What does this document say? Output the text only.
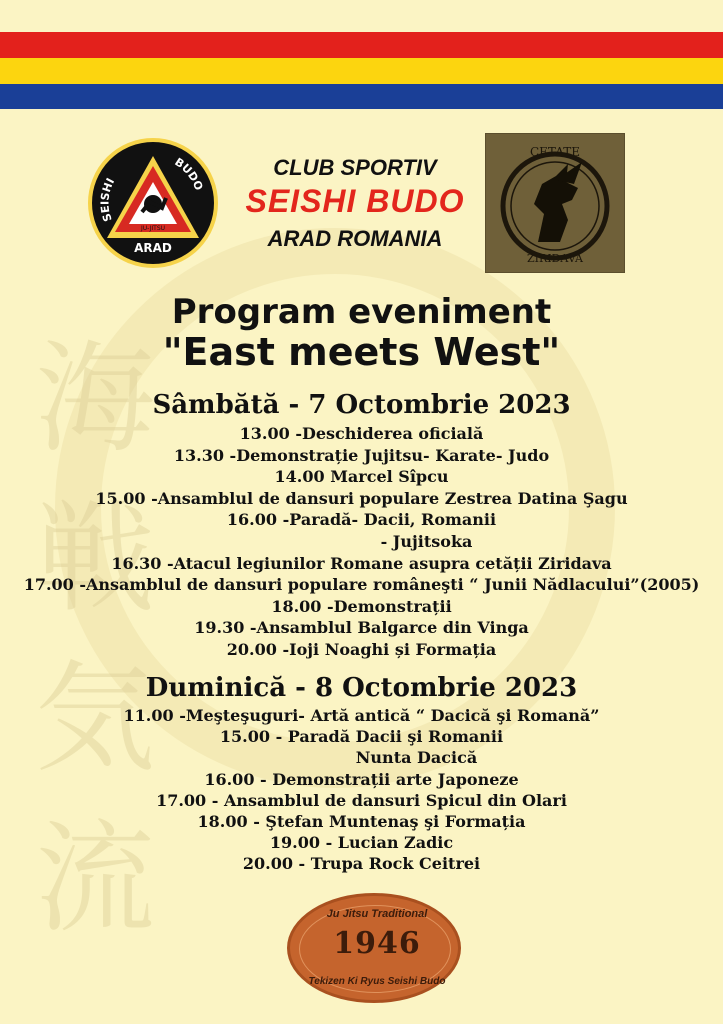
海
戦
気
流
SEISHI
BUDO
ARAD
JU-JITSU
CLUB SPORTIV
SEISHI BUDO
ARAD ROMANIA
CETATE
ZIRIDAVA
Program eveniment
"East meets West"
Sâmbătă - 7 Octombrie 2023
13.00 -Deschiderea oficială
13.30 -Demonstrație Jujitsu- Karate- Judo
14.00 Marcel Sîpcu
15.00 -Ansamblul de dansuri populare Zestrea Datina Şagu
16.00 -Paradă- Dacii, Romanii
- Jujitsoka
16.30 -Atacul legiunilor Romane asupra cetății Ziridava
17.00 -Ansamblul de dansuri populare româneşti “ Junii Nădlacului”(2005)
18.00 -Demonstrații
19.30 -Ansamblul Balgarce din Vinga
20.00 -Ioji Noaghi și Formația
Duminică - 8 Octombrie 2023
11.00 -Meşteşuguri- Artă antică “ Dacică şi Romană”
15.00 - Paradă Dacii şi Romanii
Nunta Dacică
16.00 - Demonstrații arte Japoneze
17.00 - Ansamblul de dansuri Spicul din Olari
18.00 - Ştefan Muntenaş şi Formația
19.00 - Lucian Zadic
20.00 - Trupa Rock Ceitrei
Ju Jitsu Traditional
1946
Tekizen Ki Ryus Seishi Budo
